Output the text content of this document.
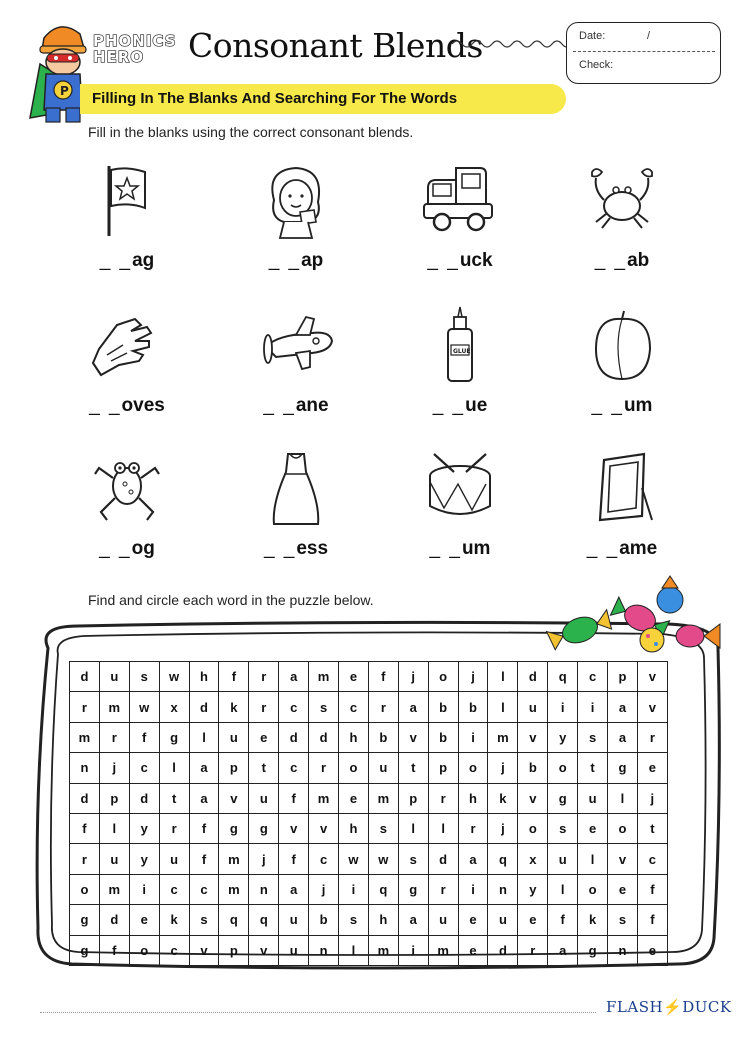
P
PHONICS
HERO	Consonant Blends	Date:	/
Check:
Filling In The Blanks And Searching For The Words
Fill in the blanks using the correct consonant blends.
_ _ag	_ _ap	_ _uck	_ _ab
_ _oves	_ _ane
GLUE
_ _ue	_ _um
_ _og	_ _ess	_ _um	_ _ame
Find and circle each word in the puzzle below.
d	u	s	w	h	f	r	a	m	e	f	j	o	j	l	d	q	c	p	v
r	m	w	x	d	k	r	c	s	c	r	a	b	b	l	u	i	i	a	v
m	r	f	g	l	u	e	d	d	h	b	v	b	i	m	v	y	s	a	r
n	j	c	l	a	p	t	c	r	o	u	t	p	o	j	b	o	t	g	e
d	p	d	t	a	v	u	f	m	e	m	p	r	h	k	v	g	u	l	j
f	l	y	r	f	g	g	v	v	h	s	l	l	r	j	o	s	e	o	t
r	u	y	u	f	m	j	f	c	w	w	s	d	a	q	x	u	l	v	c
o	m	i	c	c	m	n	a	j	i	q	g	r	i	n	y	l	o	e	f
g	d	e	k	s	q	q	u	b	s	h	a	u	e	u	e	f	k	s	f
g	f	o	c	v	p	v	u	n	l	m	i	m	e	d	r	a	g	n	e
FLASH⚡DUCK
